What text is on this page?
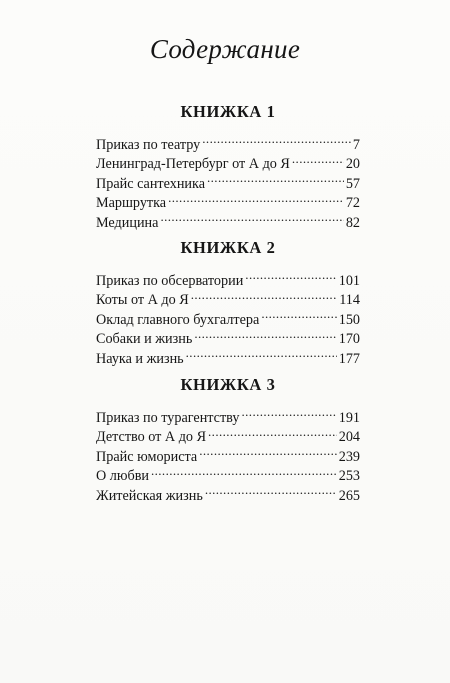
Содержание
КНИЖКА 1
Приказ по театру .....	7
Ленинград-Петербург от А до Я .....	20
Прайс сантехника .....	57
Маршрутка .....	72
Медицина .....	82
КНИЖКА 2
Приказ по обсерватории .....	101
Коты от А до Я .....	114
Оклад главного бухгалтера .....	150
Собаки и жизнь .....	170
Наука и жизнь .....	177
КНИЖКА 3
Приказ по турагентству .....	191
Детство от А до Я .....	204
Прайс юмориста .....	239
О любви .....	253
Житейская жизнь .....	265
